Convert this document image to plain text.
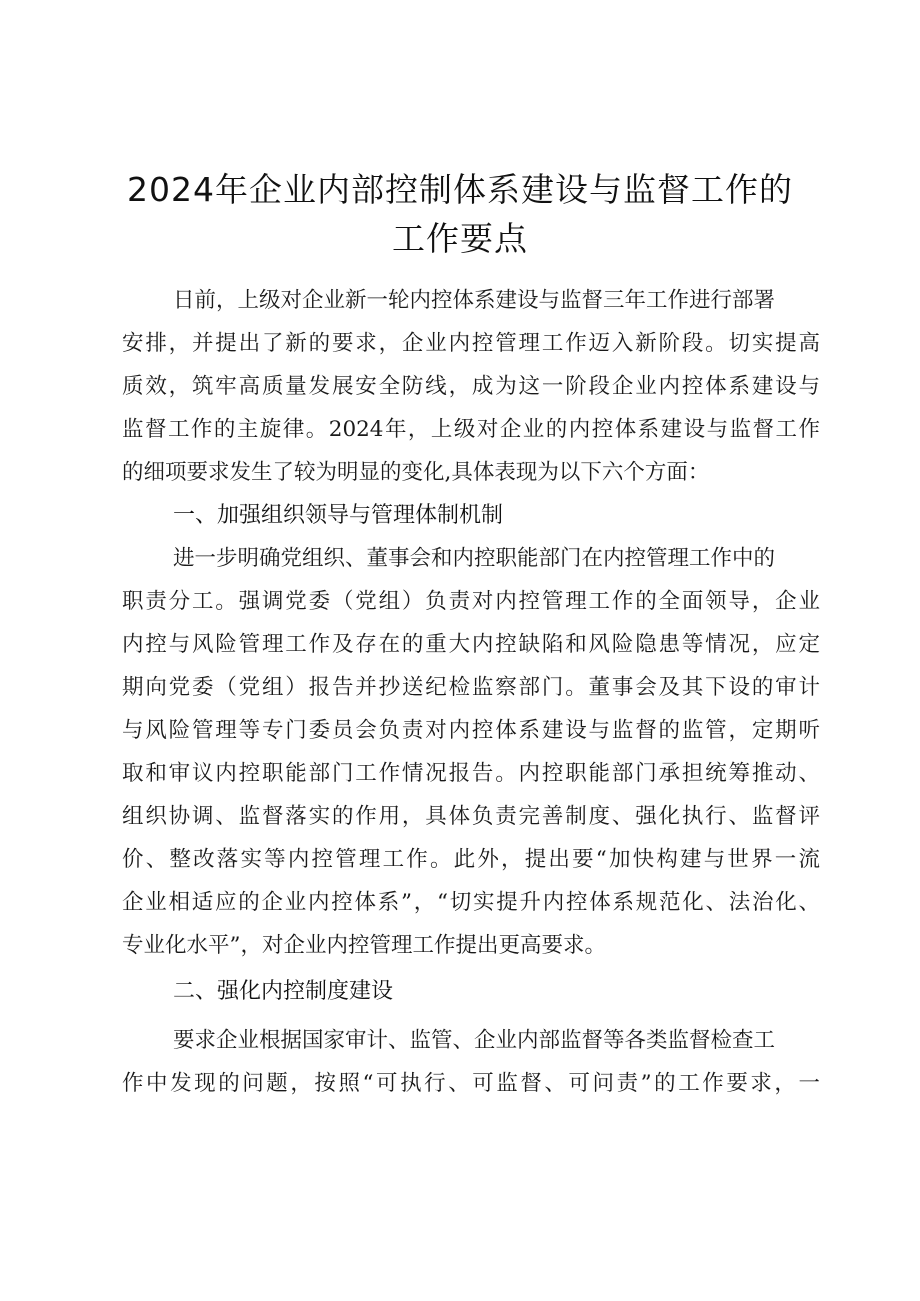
2024年企业内部控制体系建设与监督工作的
工作要点
日前，上级对企业新一轮内控体系建设与监督三年工作进行部署
安排，并提出了新的要求，企业内控管理工作迈入新阶段。切实提高
质效，筑牢高质量发展安全防线，成为这一阶段企业内控体系建设与
监督工作的主旋律。2024年，上级对企业的内控体系建设与监督工作
的细项要求发生了较为明显的变化,具体表现为以下六个方面：
一、加强组织领导与管理体制机制
进一步明确党组织、董事会和内控职能部门在内控管理工作中的
职责分工。强调党委（党组）负责对内控管理工作的全面领导，企业
内控与风险管理工作及存在的重大内控缺陷和风险隐患等情况，应定
期向党委（党组）报告并抄送纪检监察部门。董事会及其下设的审计
与风险管理等专门委员会负责对内控体系建设与监督的监管，定期听
取和审议内控职能部门工作情况报告。内控职能部门承担统筹推动、
组织协调、监督落实的作用，具体负责完善制度、强化执行、监督评
价、整改落实等内控管理工作。此外，提出要“加快构建与世界一流
企业相适应的企业内控体系”，“切实提升内控体系规范化、法治化、
专业化水平”，对企业内控管理工作提出更高要求。
二、强化内控制度建设
要求企业根据国家审计、监管、企业内部监督等各类监督检查工
作中发现的问题，按照“可执行、可监督、可问责”的工作要求，一
